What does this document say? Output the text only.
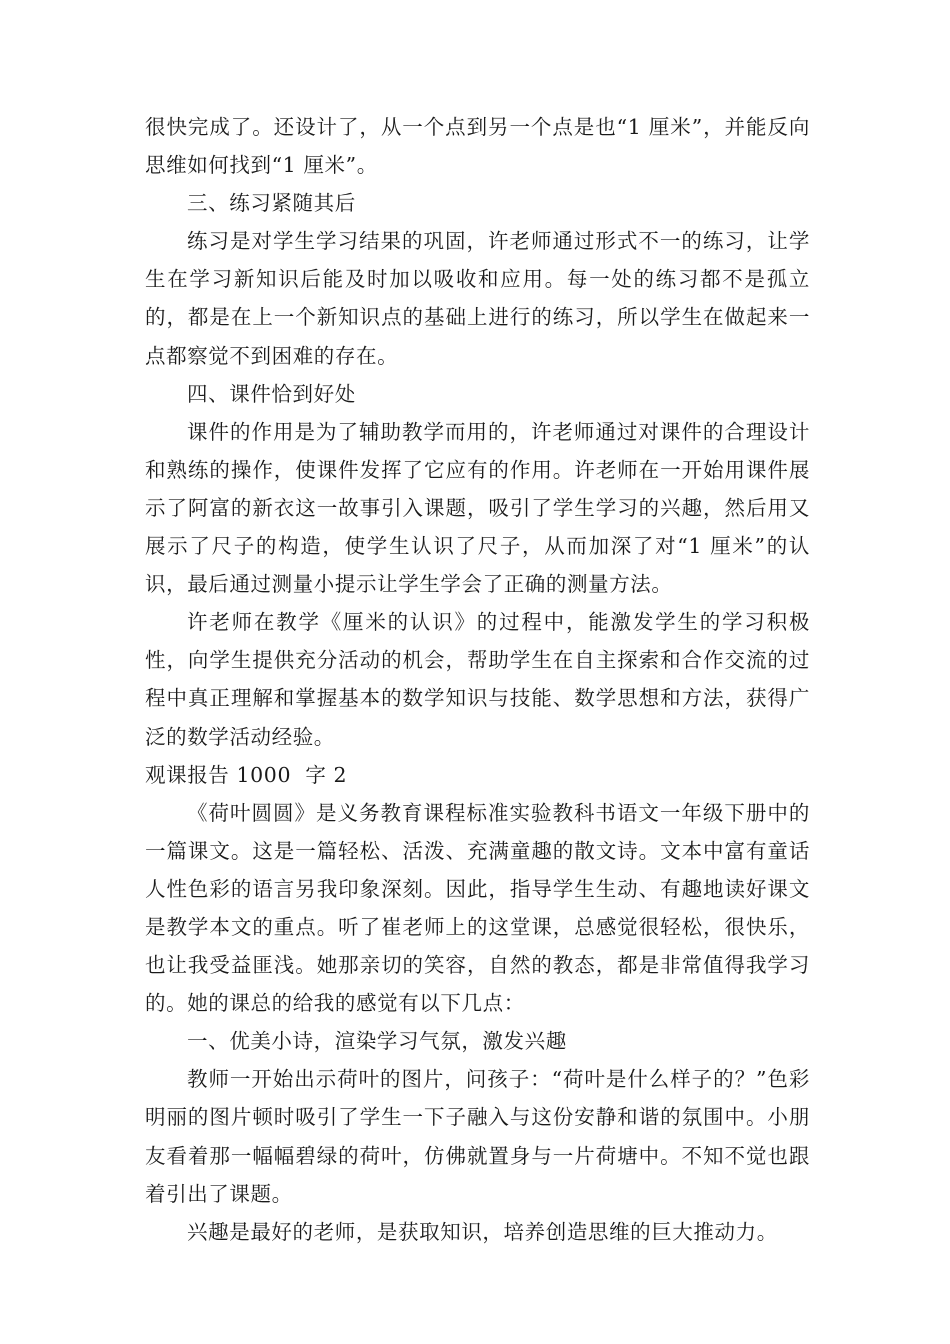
很快完成了。还设计了，从一个点到另一个点是也“1 厘米”，并能反向思维如何找到“1 厘米”。

三、练习紧随其后

练习是对学生学习结果的巩固，许老师通过形式不一的练习，让学生在学习新知识后能及时加以吸收和应用。每一处的练习都不是孤立的，都是在上一个新知识点的基础上进行的练习，所以学生在做起来一点都察觉不到困难的存在。

四、课件恰到好处

课件的作用是为了辅助教学而用的，许老师通过对课件的合理设计和熟练的操作，使课件发挥了它应有的作用。许老师在一开始用课件展示了阿富的新衣这一故事引入课题，吸引了学生学习的兴趣，然后用又展示了尺子的构造，使学生认识了尺子，从而加深了对“1 厘米”的认识，最后通过测量小提示让学生学会了正确的测量方法。

许老师在教学《厘米的认识》的过程中，能激发学生的学习积极性，向学生提供充分活动的机会，帮助学生在自主探索和合作交流的过程中真正理解和掌握基本的数学知识与技能、数学思想和方法，获得广泛的数学活动经验。

观课报告 1000  字 2

《荷叶圆圆》是义务教育课程标准实验教科书语文一年级下册中的一篇课文。这是一篇轻松、活泼、充满童趣的散文诗。文本中富有童话人性色彩的语言另我印象深刻。因此，指导学生生动、有趣地读好课文是教学本文的重点。听了崔老师上的这堂课，总感觉很轻松，很快乐，也让我受益匪浅。她那亲切的笑容，自然的教态，都是非常值得我学习的。她的课总的给我的感觉有以下几点：

一、优美小诗，渲染学习气氛，激发兴趣

教师一开始出示荷叶的图片，问孩子：“荷叶是什么样子的？”色彩明丽的图片顿时吸引了学生一下子融入与这份安静和谐的氛围中。小朋友看着那一幅幅碧绿的荷叶，仿佛就置身与一片荷塘中。不知不觉也跟着引出了课题。

兴趣是最好的老师，是获取知识，培养创造思维的巨大推动力。
